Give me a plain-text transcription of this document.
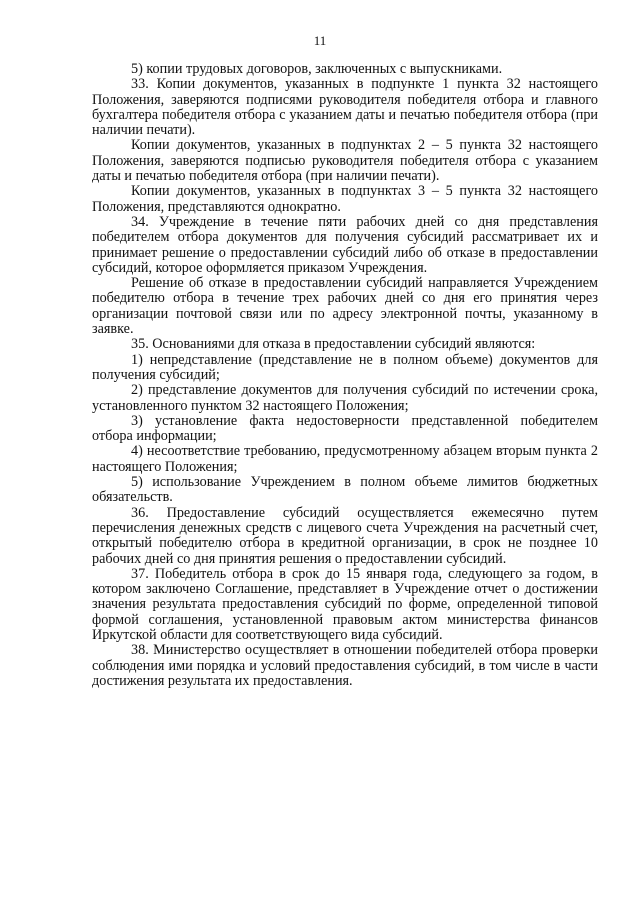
11

5) копии трудовых договоров, заключенных с выпускниками.

33. Копии документов, указанных в подпункте 1 пункта 32 настоящего Положения, заверяются подписями руководителя победителя отбора и главного бухгалтера победителя отбора с указанием даты и печатью победителя отбора (при наличии печати).

Копии документов, указанных в подпунктах 2 – 5 пункта 32 настоящего Положения, заверяются подписью руководителя победителя отбора с указанием даты и печатью победителя отбора (при наличии печати).

Копии документов, указанных в подпунктах 3 – 5 пункта 32 настоящего Положения, представляются однократно.

34. Учреждение в течение пяти рабочих дней со дня представления победителем отбора документов для получения субсидий рассматривает их и принимает решение о предоставлении субсидий либо об отказе в предоставлении субсидий, которое оформляется приказом Учреждения.

Решение об отказе в предоставлении субсидий направляется Учреждением победителю отбора в течение трех рабочих дней со дня его принятия через организации почтовой связи или по адресу электронной почты, указанному в заявке.

35. Основаниями для отказа в предоставлении субсидий являются:

1) непредставление (представление не в полном объеме) документов для получения субсидий;

2) представление документов для получения субсидий по истечении срока, установленного пунктом 32 настоящего Положения;

3) установление факта недостоверности представленной победителем отбора информации;

4) несоответствие требованию, предусмотренному абзацем вторым пункта 2 настоящего Положения;

5) использование Учреждением в полном объеме лимитов бюджетных обязательств.

36. Предоставление субсидий осуществляется ежемесячно путем перечисления денежных средств с лицевого счета Учреждения на расчетный счет, открытый победителю отбора в кредитной организации, в срок не позднее 10 рабочих дней со дня принятия решения о предоставлении субсидий.

37. Победитель отбора в срок до 15 января года, следующего за годом, в котором заключено Соглашение, представляет в Учреждение отчет о достижении значения результата предоставления субсидий по форме, определенной типовой формой соглашения, установленной правовым актом министерства финансов Иркутской области для соответствующего вида субсидий.

38. Министерство осуществляет в отношении победителей отбора проверки соблюдения ими порядка и условий предоставления субсидий, в том числе в части достижения результата их предоставления.
